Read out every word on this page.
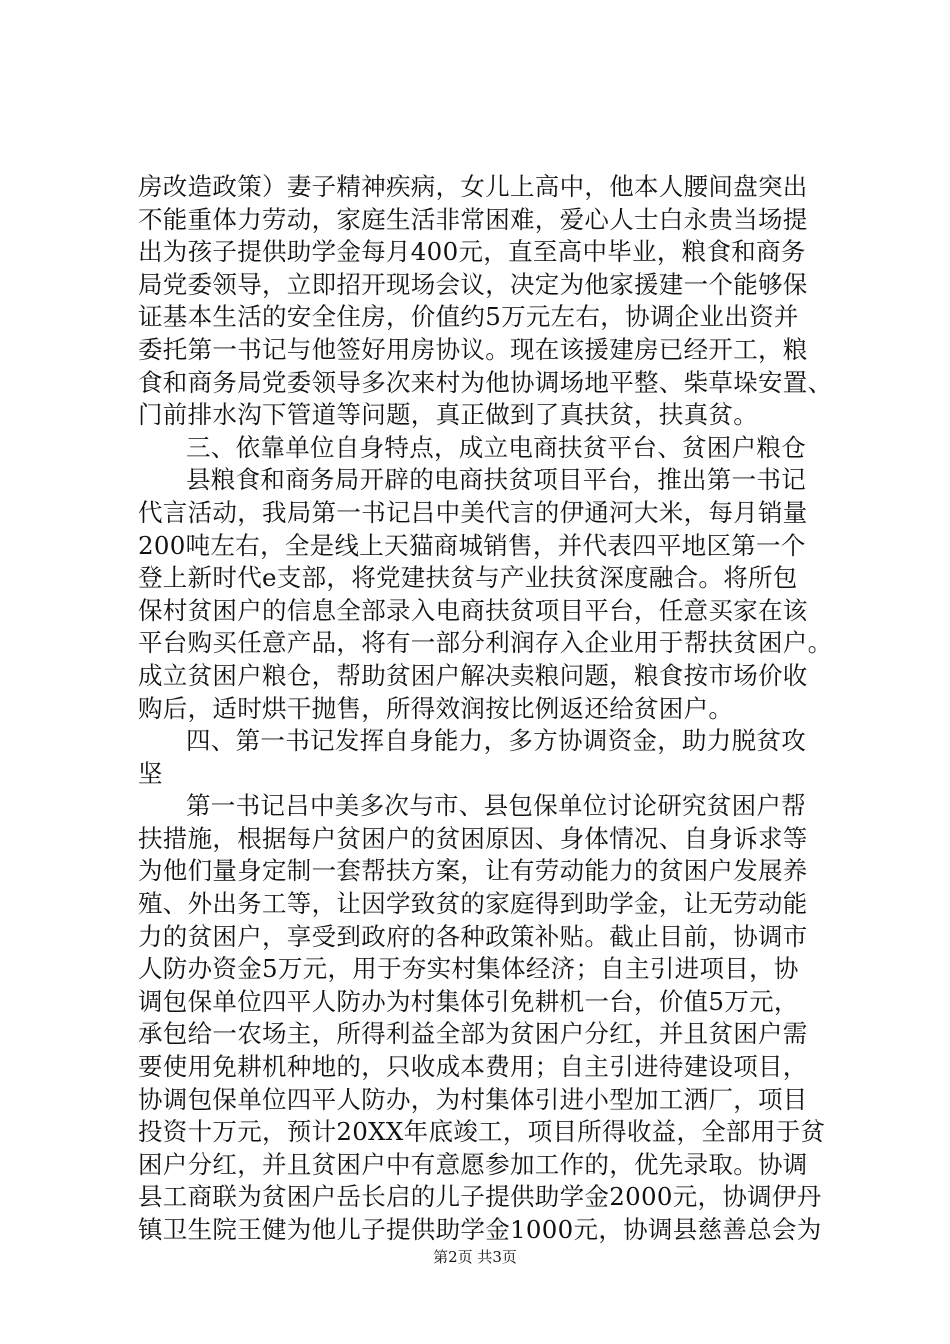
房改造政策）妻子精神疾病，女儿上高中，他本人腰间盘突出
不能重体力劳动，家庭生活非常困难，爱心人士白永贵当场提
出为孩子提供助学金每月400元，直至高中毕业，粮食和商务
局党委领导，立即招开现场会议，决定为他家援建一个能够保
证基本生活的安全住房，价值约5万元左右，协调企业出资并
委托第一书记与他签好用房协议。现在该援建房已经开工，粮
食和商务局党委领导多次来村为他协调场地平整、柴草垛安置、
门前排水沟下管道等问题，真正做到了真扶贫，扶真贫。
三、依靠单位自身特点，成立电商扶贫平台、贫困户粮仓
县粮食和商务局开辟的电商扶贫项目平台，推出第一书记
代言活动，我局第一书记吕中美代言的伊通河大米，每月销量
200吨左右，全是线上天猫商城销售，并代表四平地区第一个
登上新时代e支部，将党建扶贫与产业扶贫深度融合。将所包
保村贫困户的信息全部录入电商扶贫项目平台，任意买家在该
平台购买任意产品，将有一部分利润存入企业用于帮扶贫困户。
成立贫困户粮仓，帮助贫困户解决卖粮问题，粮食按市场价收
购后，适时烘干抛售，所得效润按比例返还给贫困户。
四、第一书记发挥自身能力，多方协调资金，助力脱贫攻
坚
第一书记吕中美多次与市、县包保单位讨论研究贫困户帮
扶措施，根据每户贫困户的贫困原因、身体情况、自身诉求等
为他们量身定制一套帮扶方案，让有劳动能力的贫困户发展养
殖、外出务工等，让因学致贫的家庭得到助学金，让无劳动能
力的贫困户，享受到政府的各种政策补贴。截止目前，协调市
人防办资金5万元，用于夯实村集体经济；自主引进项目，协
调包保单位四平人防办为村集体引免耕机一台，价值5万元，
承包给一农场主，所得利益全部为贫困户分红，并且贫困户需
要使用免耕机种地的，只收成本费用；自主引进待建设项目，
协调包保单位四平人防办，为村集体引进小型加工洒厂，项目
投资十万元，预计20XX年底竣工，项目所得收益，全部用于贫
困户分红，并且贫困户中有意愿参加工作的，优先录取。协调
县工商联为贫困户岳长启的儿子提供助学金2000元，协调伊丹
镇卫生院王健为他儿子提供助学金1000元，协调县慈善总会为
第2页 共3页
